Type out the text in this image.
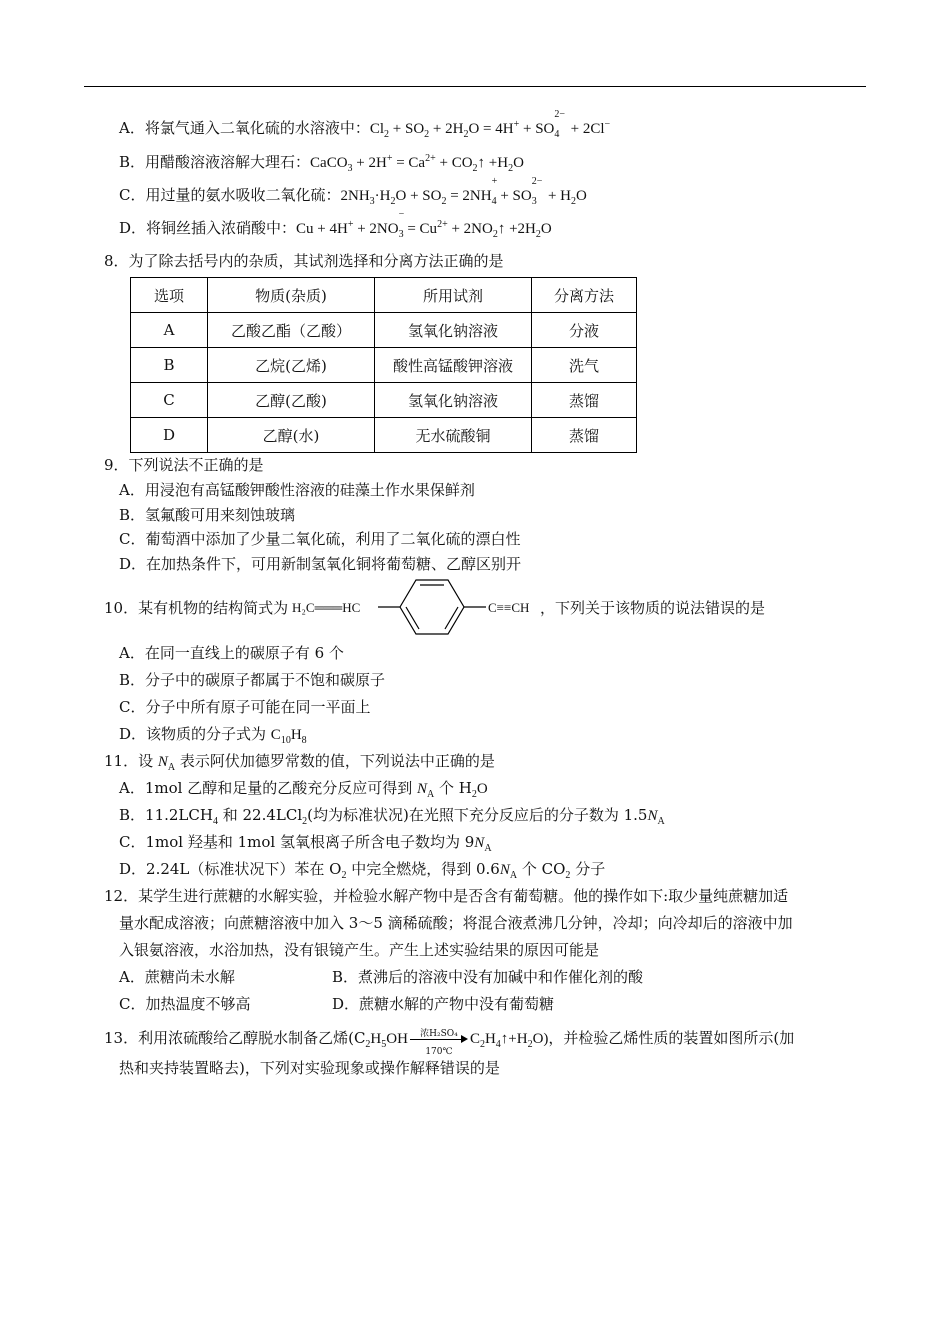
A．将氯气通入二氧化硫的水溶液中：$Cl_2 + SO_2 + 2H_2O = 4H^+$ + SO
$_{2- 4}$   + 2Cl−
B．用醋酸溶液溶解大理石：CaCO$_3$ + $2H^+ = Ca^{2+}$ + $CO_2↑ +H_2O$
C．用过量的氨水吸收二氧化硫：$2NH_3\cdot H_2O + SO_2 = 2NH$
$_{+ 4}$ + SO
$_{2- 3} + H_2O$
D．将铜丝插入浓硝酸中：Cu + 4H+ + 2NO
$_{- 3} = Cu^{2+}$ + $2NO_2↑ +2H_2O$
8．为了除去括号内的杂质，其试剂选择和分离方法正确的是
选项	物质(杂质)	所用试剂	分离方法
A	乙酸乙酯（乙酸）	氢氧化钠溶液	分液
B	乙烷(乙烯)	酸性高锰酸钾溶液	洗气
C	乙醇(乙酸)	氢氧化钠溶液	蒸馏
D	乙醇(水)	无水硫酸铜	蒸馏
9．下列说法不正确的是
A．用浸泡有高锰酸钾酸性溶液的硅藻土作水果保鲜剂
B．氢氟酸可用来刻蚀玻璃
C．葡萄酒中添加了少量二氧化硫，利用了二氧化硫的漂白性
D．在加热条件下，可用新制氢氧化铜将葡萄糖、乙醇区别开
10．某有机物的结构简式为 H₂C═══HC	C≡≡CH ，下列关于该物质的说法错误的是
A．在同一直线上的碳原子有 6 个
B．分子中的碳原子都属于不饱和碳原子
C．分子中所有原子可能在同一平面上
D．该物质的分子式为 $C_{10}H_8$
11．设 $N_A$ 表示阿伏加德罗常数的值，下列说法中正确的是
A．1mol 乙醇和足量的乙酸充分反应可得到 $N_A$ 个 $H_2O$
B．$11.2LCH_4$ 和 22.4LCl$_2$(均为标准状况)在光照下充分反应后的分子数为 $1.5N_A$
C．1mol 羟基和 1mol 氢氧根离子所含电子数均为 $9N_A$
D．2.24L（标准状况下）苯在 $O_2$ 中完全燃烧，得到 $0.6N_A$ 个 $CO_2$ 分子
12．某学生进行蔗糖的水解实验，并检验水解产物中是否含有葡萄糖。他的操作如下:取少量纯蔗糖加适
量水配成溶液；向蔗糖溶液中加入 3～5 滴稀硫酸；将混合液煮沸几分钟，冷却；向冷却后的溶液中加
入银氨溶液，水浴加热，没有银镜产生。产生上述实验结果的原因可能是
A．蔗糖尚未水解	B．煮沸后的溶液中没有加碱中和作催化剂的酸
C．加热温度不够高	D．蔗糖水解的产物中没有葡萄糖
13．利用浓硫酸给乙醇脱水制备乙烯($C_2H_5OH$	浓H₂SO₄
170℃
$C_2H_4↑+H_2O$)，并检验乙烯性质的装置如图所示(加
热和夹持装置略去)，下列对实验现象或操作解释错误的是
